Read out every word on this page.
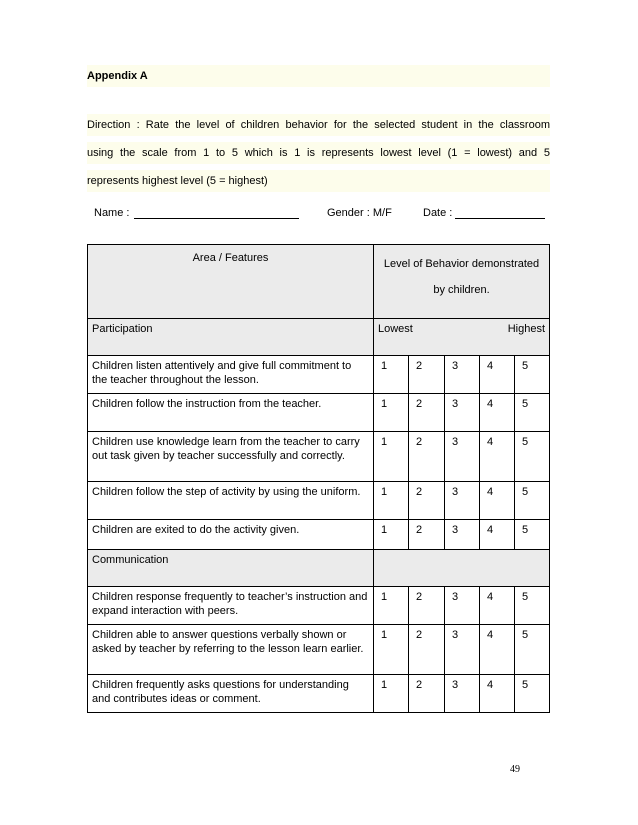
Appendix A
Direction : Rate the level of children behavior for the selected student in the classroom
using the scale from 1 to 5 which is 1 is represents lowest level (1 = lowest) and 5
represents highest level (5 = highest)
Name :	Gender : M/F	Date :
Area / Features	Level of Behavior demonstrated
by children.				

Participation	Lowest Highest				

Children listen attentively and give full commitment to the teacher throughout the lesson.	1	2	3	4	5
Children follow the instruction from the teacher.	1	2	3	4	5
Children use knowledge learn from the teacher to carry out task given by teacher successfully and correctly.	1	2	3	4	5
Children follow the step of activity by using the uniform.	1	2	3	4	5
Children are exited to do the activity given.	1	2	3	4	5
Communication					
Children response frequently to teacher’s instruction and expand interaction with peers.	1	2	3	4	5
Children able to answer questions verbally shown or asked by teacher by referring to the lesson learn earlier.	1	2	3	4	5
Children frequently asks questions for understanding and contributes ideas or comment.	1	2	3	4	5
49
